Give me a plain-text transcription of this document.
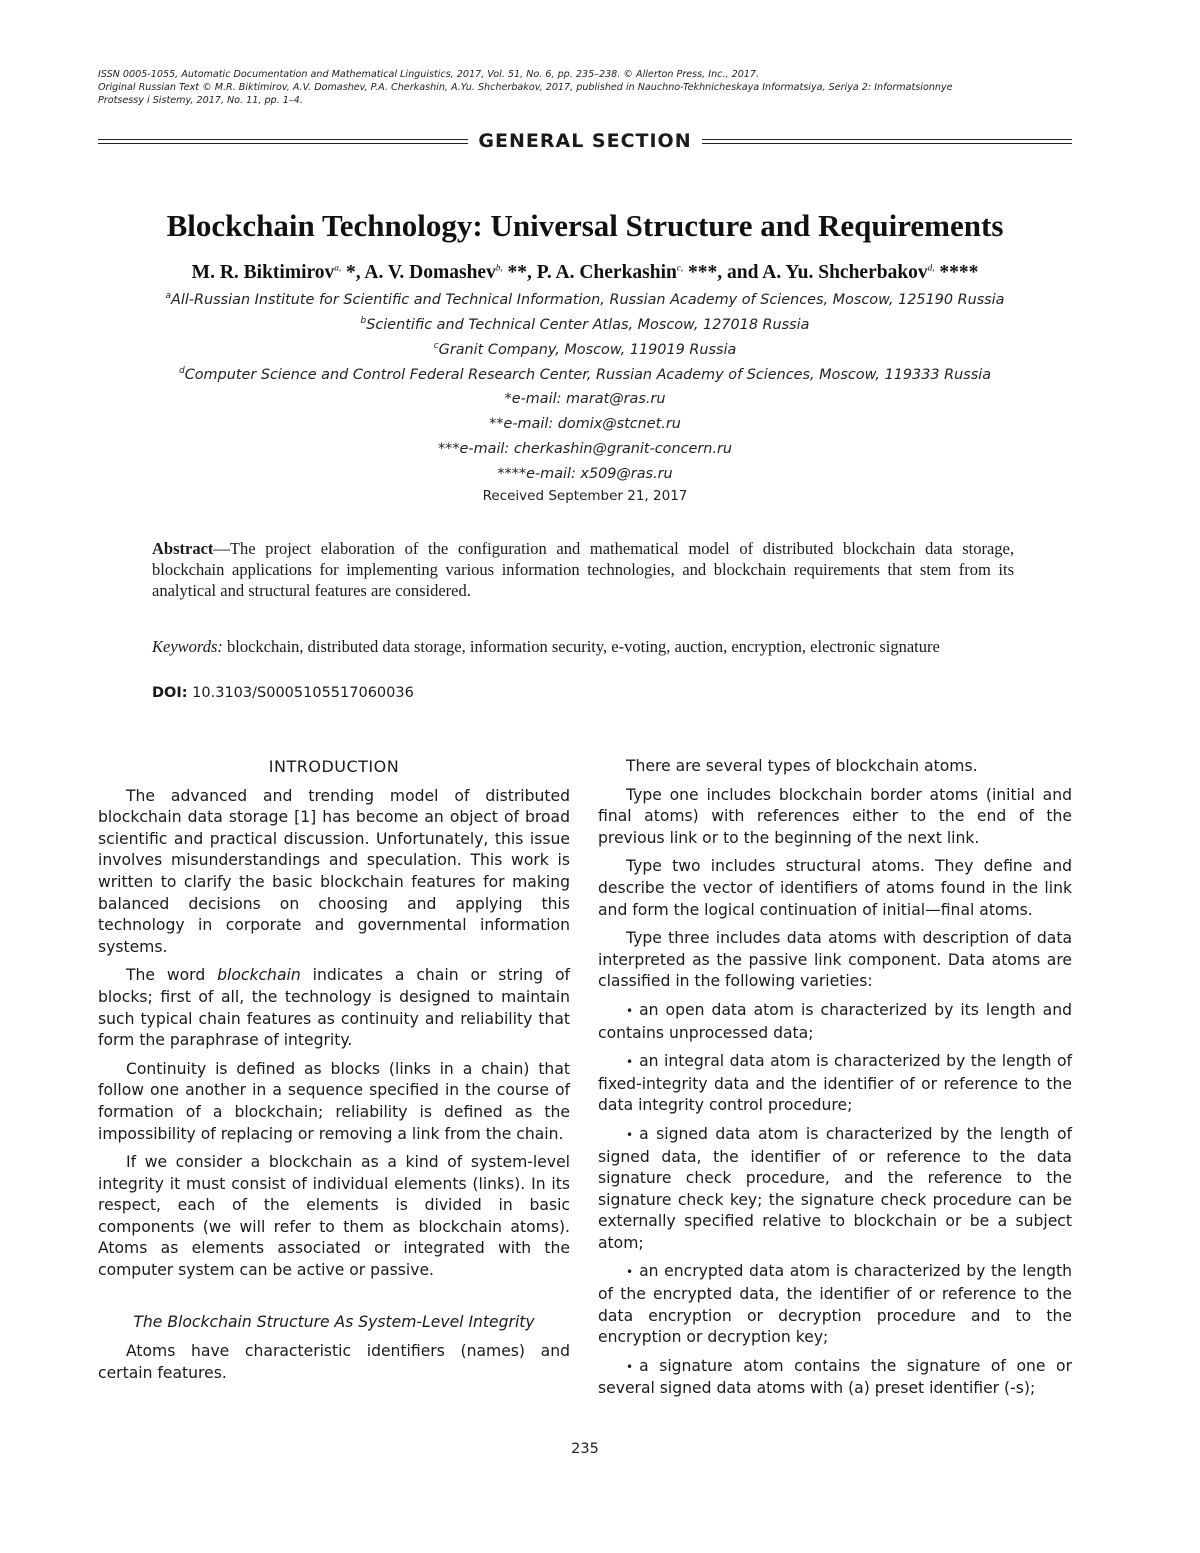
ISSN 0005-1055, Automatic Documentation and Mathematical Linguistics, 2017, Vol. 51, No. 6, pp. 235–238. © Allerton Press, Inc., 2017.
Original Russian Text © M.R. Biktimirov, A.V. Domashev, P.A. Cherkashin, A.Yu. Shcherbakov, 2017, published in Nauchno-Tekhnicheskaya Informatsiya, Seriya 2: Informatsionnye
Protsessy i Sistemy, 2017, No. 11, pp. 1–4.
GENERAL SECTION
Blockchain Technology: Universal Structure and Requirements
M. R. Biktimirov$^{a,}$ *, A. V. Domashev$^{b,}$ **, P. A. Cherkashin$^{c,}$ ***, and A. Yu. Shcherbakov$^{d,}$ ****
$^a$All-Russian Institute for Scientific and Technical Information, Russian Academy of Sciences, Moscow, 125190 Russia
$^b$Scientific and Technical Center Atlas, Moscow, 127018 Russia
$^c$Granit Company, Moscow, 119019 Russia
$^d$Computer Science and Control Federal Research Center, Russian Academy of Sciences, Moscow, 119333 Russia
*e-mail: marat@ras.ru
**e-mail: domix@stcnet.ru
***e-mail: cherkashin@granit-concern.ru
****e-mail: x509@ras.ru
Received September 21, 2017
Abstract—The project elaboration of the configuration and mathematical model of distributed blockchain data storage, blockchain applications for implementing various information technologies, and blockchain requirements that stem from its analytical and structural features are considered.
Keywords: blockchain, distributed data storage, information security, e-voting, auction, encryption, electronic signature
DOI: 10.3103/S0005105517060036
INTRODUCTION

The advanced and trending model of distributed blockchain data storage [1] has become an object of broad scientific and practical discussion. Unfortunately, this issue involves misunderstandings and speculation. This work is written to clarify the basic blockchain features for making balanced decisions on choosing and applying this technology in corporate and governmental information systems.

The word blockchain indicates a chain or string of blocks; first of all, the technology is designed to maintain such typical chain features as continuity and reliability that form the paraphrase of integrity.

Continuity is defined as blocks (links in a chain) that follow one another in a sequence specified in the course of formation of a blockchain; reliability is defined as the impossibility of replacing or removing a link from the chain.

If we consider a blockchain as a kind of system-level integrity it must consist of individual elements (links). In its respect, each of the elements is divided in basic components (we will refer to them as blockchain atoms). Atoms as elements associated or integrated with the computer system can be active or passive.

The Blockchain Structure As System-Level Integrity

Atoms have characteristic identifiers (names) and certain features.

There are several types of blockchain atoms.

Type one includes blockchain border atoms (initial and final atoms) with references either to the end of the previous link or to the beginning of the next link.

Type two includes structural atoms. They define and describe the vector of identifiers of atoms found in the link and form the logical continuation of initial—final atoms.

Type three includes data atoms with description of data interpreted as the passive link component. Data atoms are classified in the following varieties:

• an open data atom is characterized by its length and contains unprocessed data;

• an integral data atom is characterized by the length of fixed-integrity data and the identifier of or reference to the data integrity control procedure;

• a signed data atom is characterized by the length of signed data, the identifier of or reference to the data signature check procedure, and the reference to the signature check key; the signature check procedure can be externally specified relative to blockchain or be a subject atom;

• an encrypted data atom is characterized by the length of the encrypted data, the identifier of or reference to the data encryption or decryption procedure and to the encryption or decryption key;

• a signature atom contains the signature of one or several signed data atoms with (a) preset identifier (-s);

235
